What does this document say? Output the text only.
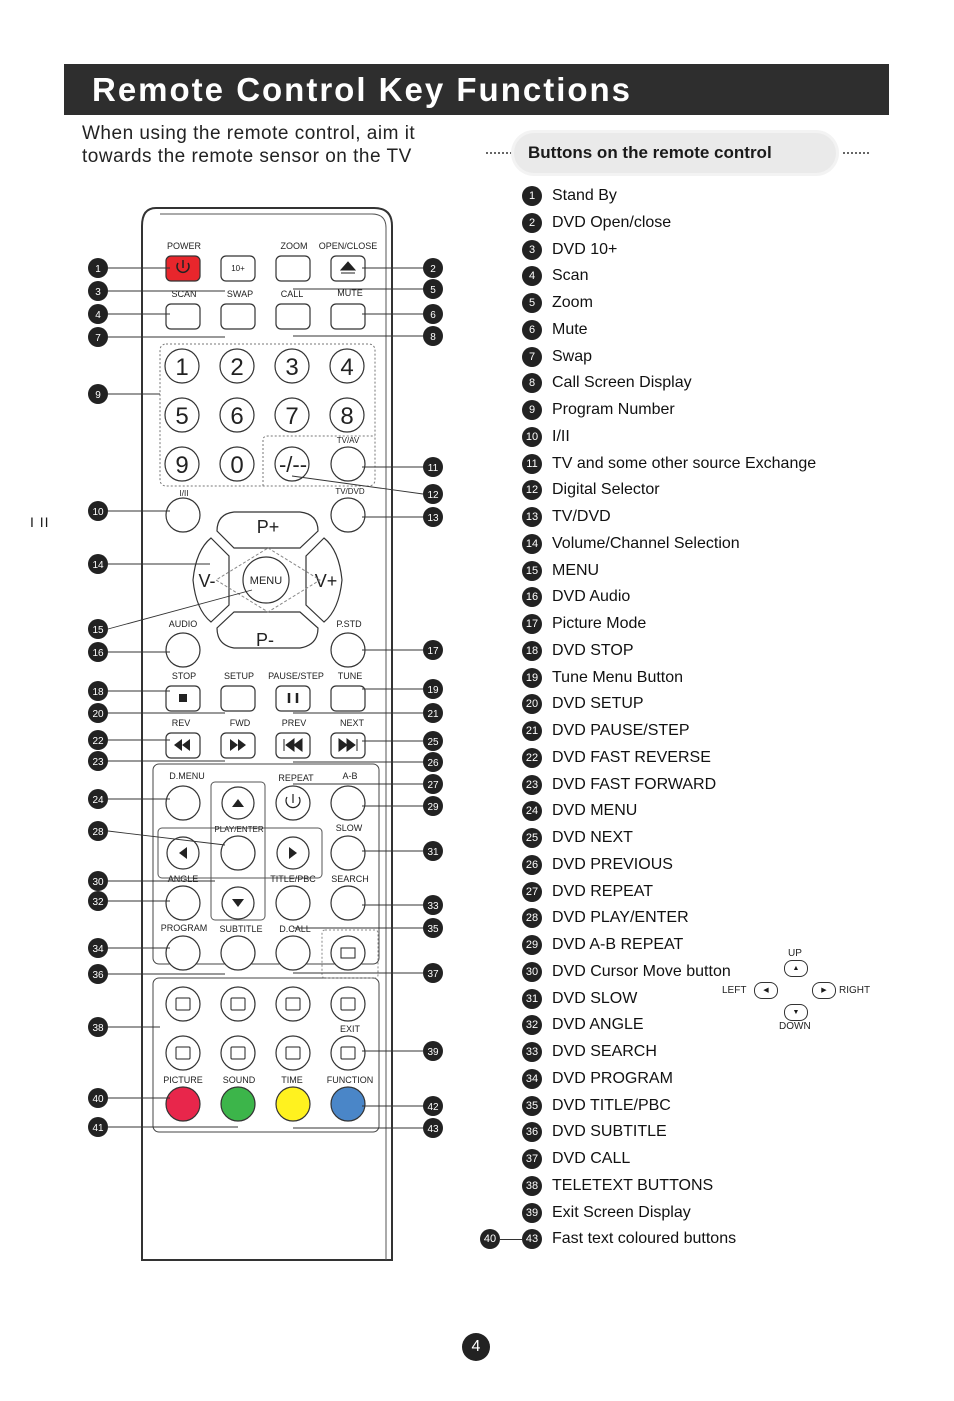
Remote Control Key Functions
When using the remote control, aim it
towards the remote sensor on the TV	Buttons on the remote control
I II
POWER	ZOOM OPEN/CLOSE
10+
SCAN	SWAP	CALL	MUTE
1 2 3 4
5 6 7 8
9 0 -/--
TV/AV
TV/DVD
I/II
P+
P-
V-	V+
MENU
AUDIO	P.STD
STOP	SETUP PAUSE/STEP TUNE
REV	FWD	PREV	NEXT
D.MENU	REPEAT	A-B
PLAY/ENTER	SLOW
ANGLE	TITLE/PBC SEARCH
PROGRAM SUBTITLE D.CALL
EXIT
PICTURE SOUND	TIME	FUNCTION
1
3
4
7
9
10
14
15
16
18
20
22
23
24
28
30
32
34
36
38
40
41
2
5
6
8
11
12
13
17
19
21
25
26
27
29
31
33
35
37
39
42
43
1	Stand By
2	DVD Open/close
3	DVD 10+
4	Scan
5	Zoom
6	Mute
7	Swap
8	Call Screen Display
9	Program Number
10 I/II
11 TV and some other source Exchange
12 Digital Selector
13 TV/DVD
14 Volume/Channel Selection
15 MENU
16 DVD Audio
17 Picture Mode
18 DVD STOP
19 Tune Menu Button
20 DVD SETUP
21 DVD PAUSE/STEP
22 DVD FAST REVERSE
23 DVD FAST FORWARD
24 DVD MENU
25 DVD NEXT
26 DVD PREVIOUS
27 DVD REPEAT
28 DVD PLAY/ENTER
29 DVD A-B REPEAT
30 DVD Cursor Move button
31 DVD SLOW
32 DVD ANGLE
33 DVD SEARCH
34 DVD PROGRAM
35 DVD TITLE/PBC
36 DVD SUBTITLE
37 DVD CALL
38 TELETEXT BUTTONS
39 Exit Screen Display
40	43 Fast text coloured buttons
UP
▲
LEFT	◀	▶	RIGHT
▼
DOWN
4
